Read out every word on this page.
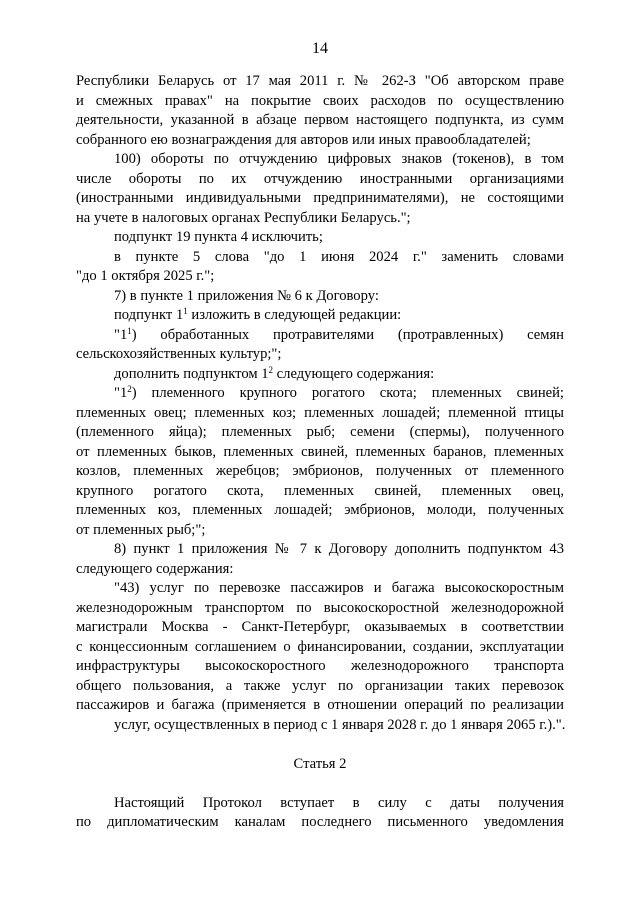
14
Республики Беларусь от 17 мая 2011 г. № 262-З "Об авторском праве
и смежных правах" на покрытие своих расходов по осуществлению
деятельности, указанной в абзаце первом настоящего подпункта, из сумм
собранного ею вознаграждения для авторов или иных правообладателей;
100) обороты по отчуждению цифровых знаков (токенов), в том
числе обороты по их отчуждению иностранными организациями
(иностранными индивидуальными предпринимателями), не состоящими
на учете в налоговых органах Республики Беларусь.";
подпункт 19 пункта 4 исключить;
в пункте 5 слова "до 1 июня 2024 г." заменить словами
"до 1 октября 2025 г.";
7) в пункте 1 приложения № 6 к Договору:
подпункт $1^1$ изложить в следующей редакции:
"$1^1$) обработанных протравителями (протравленных) семян
сельскохозяйственных культур;";
дополнить подпунктом $1^2$ следующего содержания:
"$1^2$) племенного крупного рогатого скота; племенных свиней;
племенных овец; племенных коз; племенных лошадей; племенной птицы
(племенного яйца); племенных рыб; семени (спермы), полученного
от племенных быков, племенных свиней, племенных баранов, племенных
козлов, племенных жеребцов; эмбрионов, полученных от племенного
крупного рогатого скота, племенных свиней, племенных овец,
племенных коз, племенных лошадей; эмбрионов, молоди, полученных
от племенных рыб;";
8) пункт 1 приложения № 7 к Договору дополнить подпунктом 43
следующего содержания:
"43) услуг по перевозке пассажиров и багажа высокоскоростным
железнодорожным транспортом по высокоскоростной железнодорожной
магистрали Москва - Санкт-Петербург, оказываемых в соответствии
с концессионным соглашением о финансировании, создании, эксплуатации
инфраструктуры высокоскоростного железнодорожного транспорта
общего пользования, а также услуг по организации таких перевозок
пассажиров и багажа (применяется в отношении операций по реализации
услуг, осуществленных в период с 1 января 2028 г. до 1 января 2065 г.).".
Статья 2
Настоящий Протокол вступает в силу с даты получения
по дипломатическим каналам последнего письменного уведомления
